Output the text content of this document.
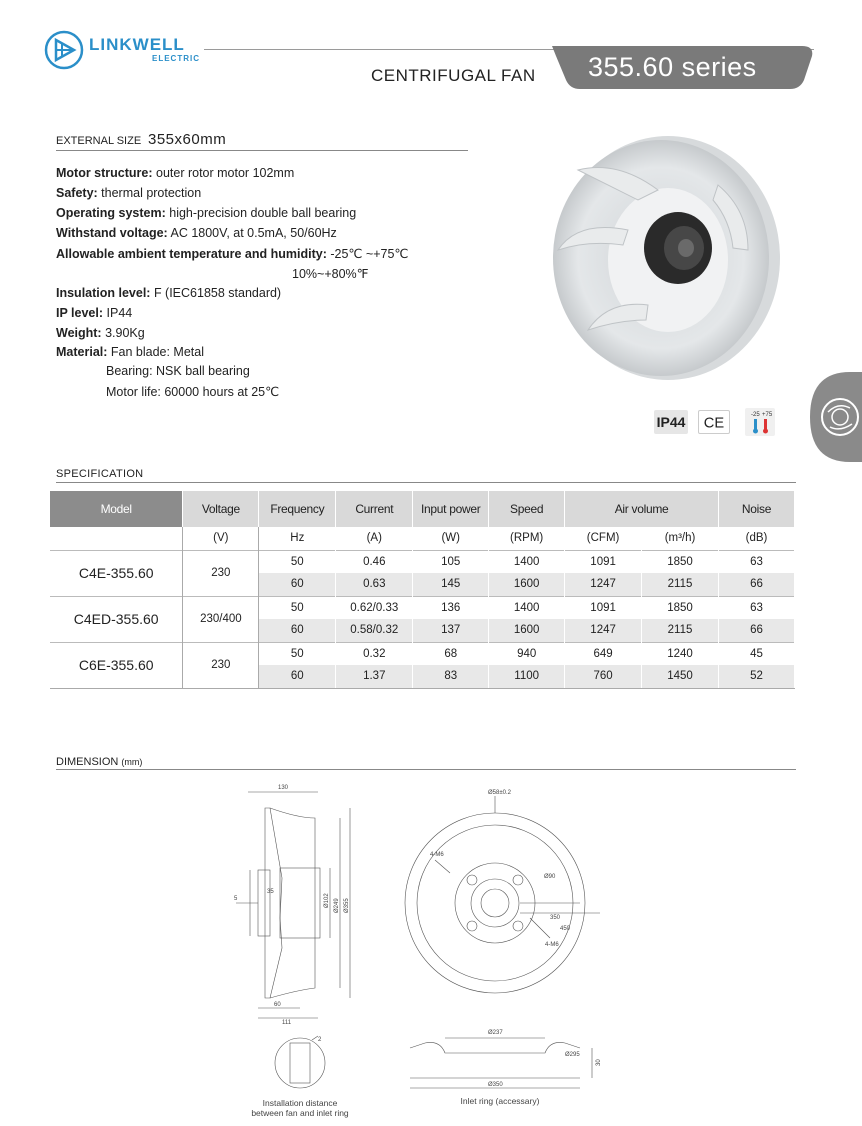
LINKWELL
ELECTRIC
CENTRIFUGAL FAN 355.60 series
EXTERNAL SIZE 355x60mm
Motor structure: outer rotor motor 102mm
Safety: thermal protection
Operating system: high-precision double ball bearing
Withstand voltage: AC 1800V, at 0.5mA, 50/60Hz
Allowable ambient temperature and humidity: -25℃ ~+75℃
10%~+80%℉
Insulation level: F (IEC61858 standard)
IP level: IP44
Weight: 3.90Kg
Material: Fan blade: Metal
Bearing: NSK ball bearing
Motor life: 60000 hours at 25℃
IP44 CE
-25 +75
SPECIFICATION
Model	Voltage	Frequency	Current	Input power	Speed	Air volume		Noise
	(V)	Hz	(A)	(W)	(RPM)	(CFM)	(m³/h)	(dB)
C4E-355.60	230	50	0.46	105	1400	1091	1850	63
		60	0.63	145	1600	1247	2115	66
C4ED-355.60	230/400	50	0.62/0.33	136	1400	1091	1850	63
		60	0.58/0.32	137	1600	1247	2115	66
C6E-355.60	230	50	0.32	68	940	649	1240	45
		60	1.37	83	1100	760	1450	52
DIMENSION (mm)
130
5
35
Ø102 Ø249 Ø355
60
111
Ø58±0.2
4-M6
Ø90
4-M6
350
450
Ø237
Ø350
Ø295
30
2
Installation distance
between fan and inlet ring
Inlet ring (accessary)
